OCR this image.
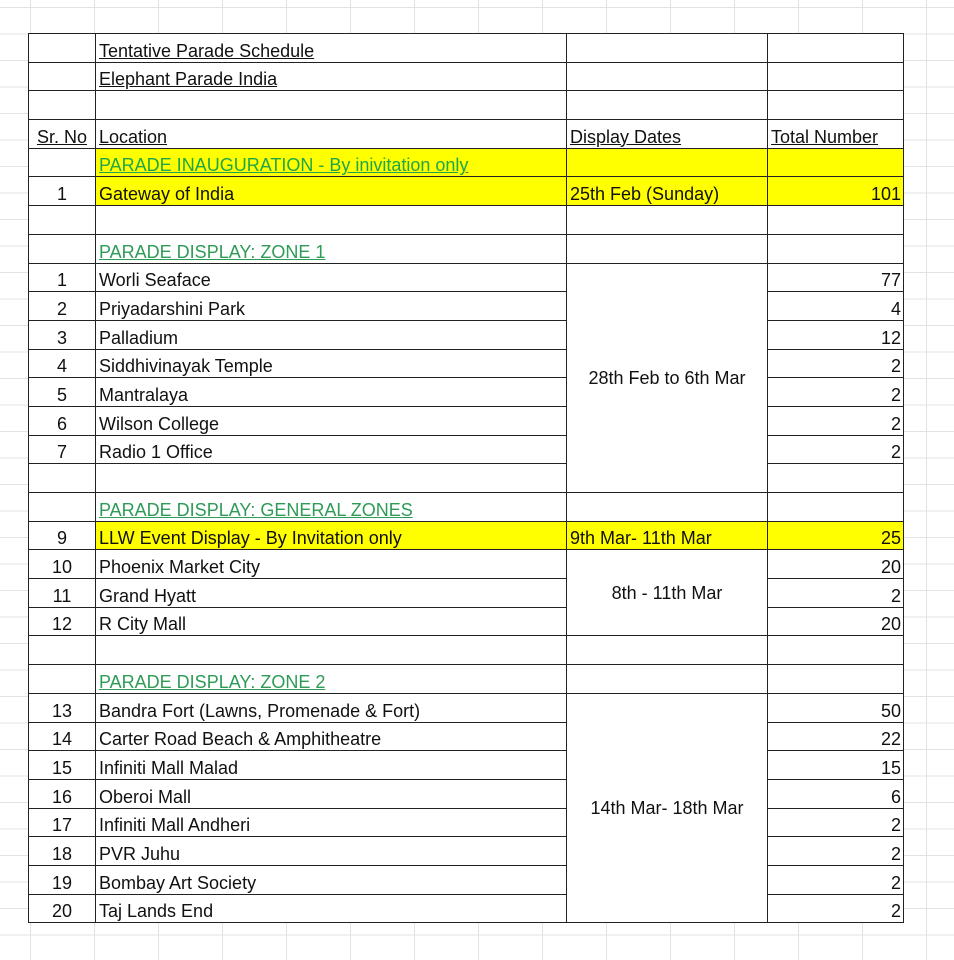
	Tentative Parade Schedule		
	Elephant Parade India		

Sr. No	Location	Display Dates	Total Number
	PARADE INAUGURATION - By inivitation only		
1	Gateway of India	25th Feb (Sunday)	101

	PARADE DISPLAY: ZONE 1		
1	Worli Seaface	28th Feb to 6th Mar	77
2	Priyadarshini Park		4
3	Palladium		12
4	Siddhivinayak Temple		2
5	Mantralaya		2
6	Wilson College		2
7	Radio 1 Office		2

	PARADE DISPLAY: GENERAL ZONES		
9	LLW Event Display - By Invitation only	9th Mar- 11th Mar	25
10	Phoenix Market City	8th - 11th Mar	20
11	Grand Hyatt		2
12	R City Mall		20

	PARADE DISPLAY: ZONE 2		
13	Bandra Fort (Lawns, Promenade & Fort)	14th Mar- 18th Mar	50
14	Carter Road Beach & Amphitheatre		22
15	Infiniti Mall Malad		15
16	Oberoi Mall		6
17	Infiniti Mall Andheri		2
18	PVR Juhu		2
19	Bombay Art Society		2
20	Taj Lands End		2
